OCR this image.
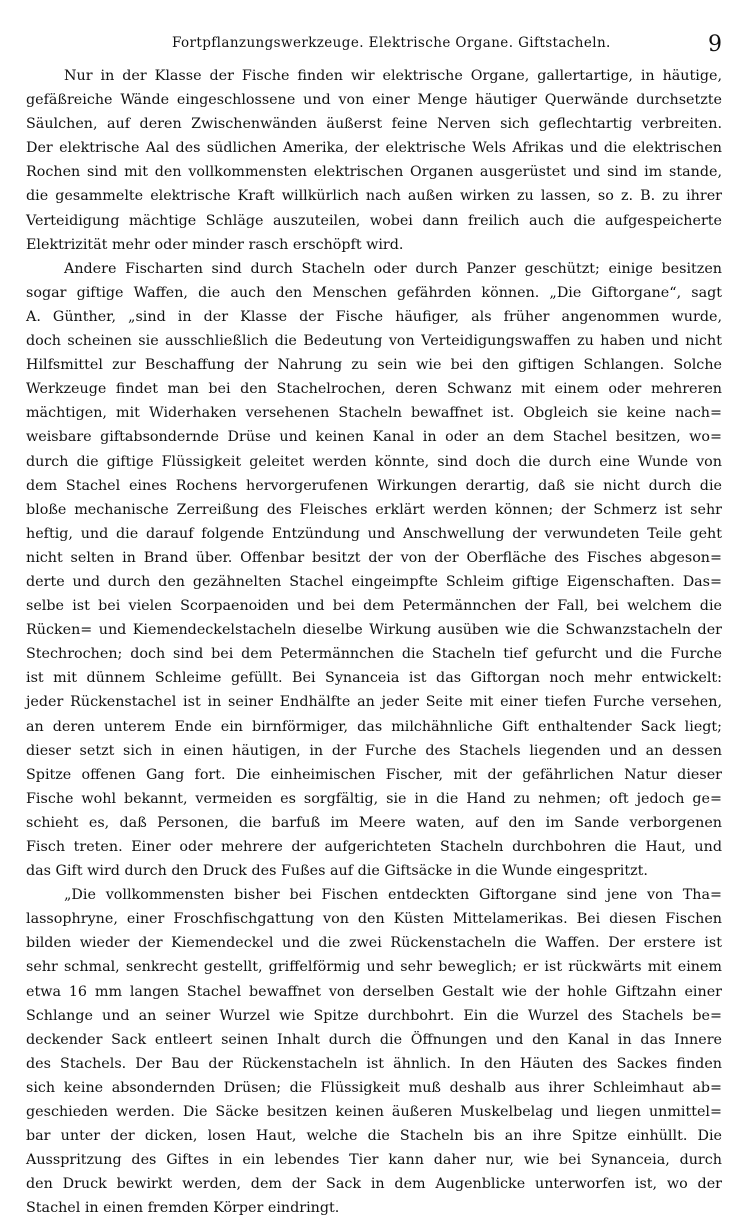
Fortpflanzungswerkzeuge. Elektrische Organe. Giftstacheln.	9
Nur in der Klasse der Fische finden wir elektrische Organe, gallertartige, in häutige,
gefäßreiche Wände eingeschlossene und von einer Menge häutiger Querwände durchsetzte
Säulchen, auf deren Zwischenwänden äußerst feine Nerven sich geflechtartig verbreiten.
Der elektrische Aal des südlichen Amerika, der elektrische Wels Afrikas und die elektrischen
Rochen sind mit den vollkommensten elektrischen Organen ausgerüstet und sind im stande,
die gesammelte elektrische Kraft willkürlich nach außen wirken zu lassen, so z. B. zu ihrer
Verteidigung mächtige Schläge auszuteilen, wobei dann freilich auch die aufgespeicherte
Elektrizität mehr oder minder rasch erschöpft wird.
Andere Fischarten sind durch Stacheln oder durch Panzer geschützt; einige besitzen
sogar giftige Waffen, die auch den Menschen gefährden können. „Die Giftorgane“, sagt
A. Günther, „sind in der Klasse der Fische häufiger, als früher angenommen wurde,
doch scheinen sie ausschließlich die Bedeutung von Verteidigungswaffen zu haben und nicht
Hilfsmittel zur Beschaffung der Nahrung zu sein wie bei den giftigen Schlangen. Solche
Werkzeuge findet man bei den Stachelrochen, deren Schwanz mit einem oder mehreren
mächtigen, mit Widerhaken versehenen Stacheln bewaffnet ist. Obgleich sie keine nach=
weisbare giftabsondernde Drüse und keinen Kanal in oder an dem Stachel besitzen, wo=
durch die giftige Flüssigkeit geleitet werden könnte, sind doch die durch eine Wunde von
dem Stachel eines Rochens hervorgerufenen Wirkungen derartig, daß sie nicht durch die
bloße mechanische Zerreißung des Fleisches erklärt werden können; der Schmerz ist sehr
heftig, und die darauf folgende Entzündung und Anschwellung der verwundeten Teile geht
nicht selten in Brand über. Offenbar besitzt der von der Oberfläche des Fisches abgeson=
derte und durch den gezähnelten Stachel eingeimpfte Schleim giftige Eigenschaften. Das=
selbe ist bei vielen Scorpaenoiden und bei dem Petermännchen der Fall, bei welchem die
Rücken= und Kiemendeckelstacheln dieselbe Wirkung ausüben wie die Schwanzstacheln der
Stechrochen; doch sind bei dem Petermännchen die Stacheln tief gefurcht und die Furche
ist mit dünnem Schleime gefüllt. Bei Synanceia ist das Giftorgan noch mehr entwickelt:
jeder Rückenstachel ist in seiner Endhälfte an jeder Seite mit einer tiefen Furche versehen,
an deren unterem Ende ein birnförmiger, das milchähnliche Gift enthaltender Sack liegt;
dieser setzt sich in einen häutigen, in der Furche des Stachels liegenden und an dessen
Spitze offenen Gang fort. Die einheimischen Fischer, mit der gefährlichen Natur dieser
Fische wohl bekannt, vermeiden es sorgfältig, sie in die Hand zu nehmen; oft jedoch ge=
schieht es, daß Personen, die barfuß im Meere waten, auf den im Sande verborgenen
Fisch treten. Einer oder mehrere der aufgerichteten Stacheln durchbohren die Haut, und
das Gift wird durch den Druck des Fußes auf die Giftsäcke in die Wunde eingespritzt.
„Die vollkommensten bisher bei Fischen entdeckten Giftorgane sind jene von Tha=
lassophryne, einer Froschfischgattung von den Küsten Mittelamerikas. Bei diesen Fischen
bilden wieder der Kiemendeckel und die zwei Rückenstacheln die Waffen. Der erstere ist
sehr schmal, senkrecht gestellt, griffelförmig und sehr beweglich; er ist rückwärts mit einem
etwa 16 mm langen Stachel bewaffnet von derselben Gestalt wie der hohle Giftzahn einer
Schlange und an seiner Wurzel wie Spitze durchbohrt. Ein die Wurzel des Stachels be=
deckender Sack entleert seinen Inhalt durch die Öffnungen und den Kanal in das Innere
des Stachels. Der Bau der Rückenstacheln ist ähnlich. In den Häuten des Sackes finden
sich keine absondernden Drüsen; die Flüssigkeit muß deshalb aus ihrer Schleimhaut ab=
geschieden werden. Die Säcke besitzen keinen äußeren Muskelbelag und liegen unmittel=
bar unter der dicken, losen Haut, welche die Stacheln bis an ihre Spitze einhüllt. Die
Ausspritzung des Giftes in ein lebendes Tier kann daher nur, wie bei Synanceia, durch
den Druck bewirkt werden, dem der Sack in dem Augenblicke unterworfen ist, wo der
Stachel in einen fremden Körper eindringt.
